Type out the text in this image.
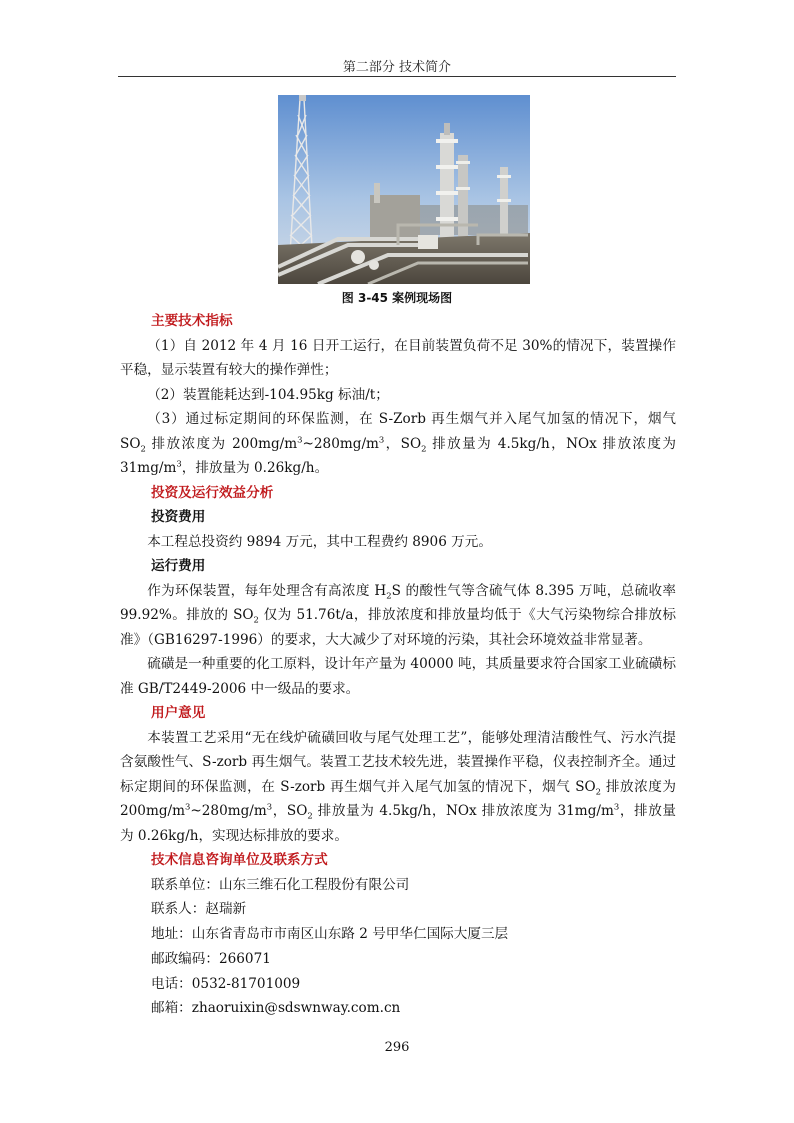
第二部分 技术简介
图 3-45 案例现场图
主要技术指标

（1）自 2012 年 4 月 16 日开工运行，在目前装置负荷不足 30%的情况下，装置操作平稳，显示装置有较大的操作弹性；

（2）装置能耗达到-104.95kg 标油/t；

（3）通过标定期间的环保监测，在 S-Zorb 再生烟气并入尾气加氢的情况下，烟气 $SO_2$ 排放浓度为 $200mg/m^3\sim 280mg/m^3$，$SO_2$ 排放量为 4.5kg/h，NOx 排放浓度为 $31mg/m^3$，排放量为 0.26kg/h。

投资及运行效益分析
投资费用

本工程总投资约 9894 万元，其中工程费约 8906 万元。

运行费用

作为环保装置，每年处理含有高浓度 $H_2S$ 的酸性气等含硫气体 8.395 万吨，总硫收率 99.92%。排放的 $SO_2$ 仅为 51.76t/a，排放浓度和排放量均低于《大气污染物综合排放标准》（GB16297-1996）的要求，大大减少了对环境的污染，其社会环境效益非常显著。

硫磺是一种重要的化工原料，设计年产量为 40000 吨，其质量要求符合国家工业硫磺标准 GB/T2449-2006 中一级品的要求。

用户意见

本装置工艺采用“无在线炉硫磺回收与尾气处理工艺”，能够处理清洁酸性气、污水汽提含氨酸性气、S-zorb 再生烟气。装置工艺技术较先进，装置操作平稳，仪表控制齐全。通过标定期间的环保监测，在 S-zorb 再生烟气并入尾气加氢的情况下，烟气 $SO_2$ 排放浓度为 $200mg/m^3\sim 280mg/m^3$，$SO_2$ 排放量为 4.5kg/h，NOx 排放浓度为 $31mg/m^3$，排放量为 0.26kg/h，实现达标排放的要求。

技术信息咨询单位及联系方式
联系单位：山东三维石化工程股份有限公司
联系人：赵瑞新
地址：山东省青岛市市南区山东路 2 号甲华仁国际大厦三层
邮政编码：266071
电话：0532-81701009
邮箱：zhaoruixin@sdswnway.com.cn
296
